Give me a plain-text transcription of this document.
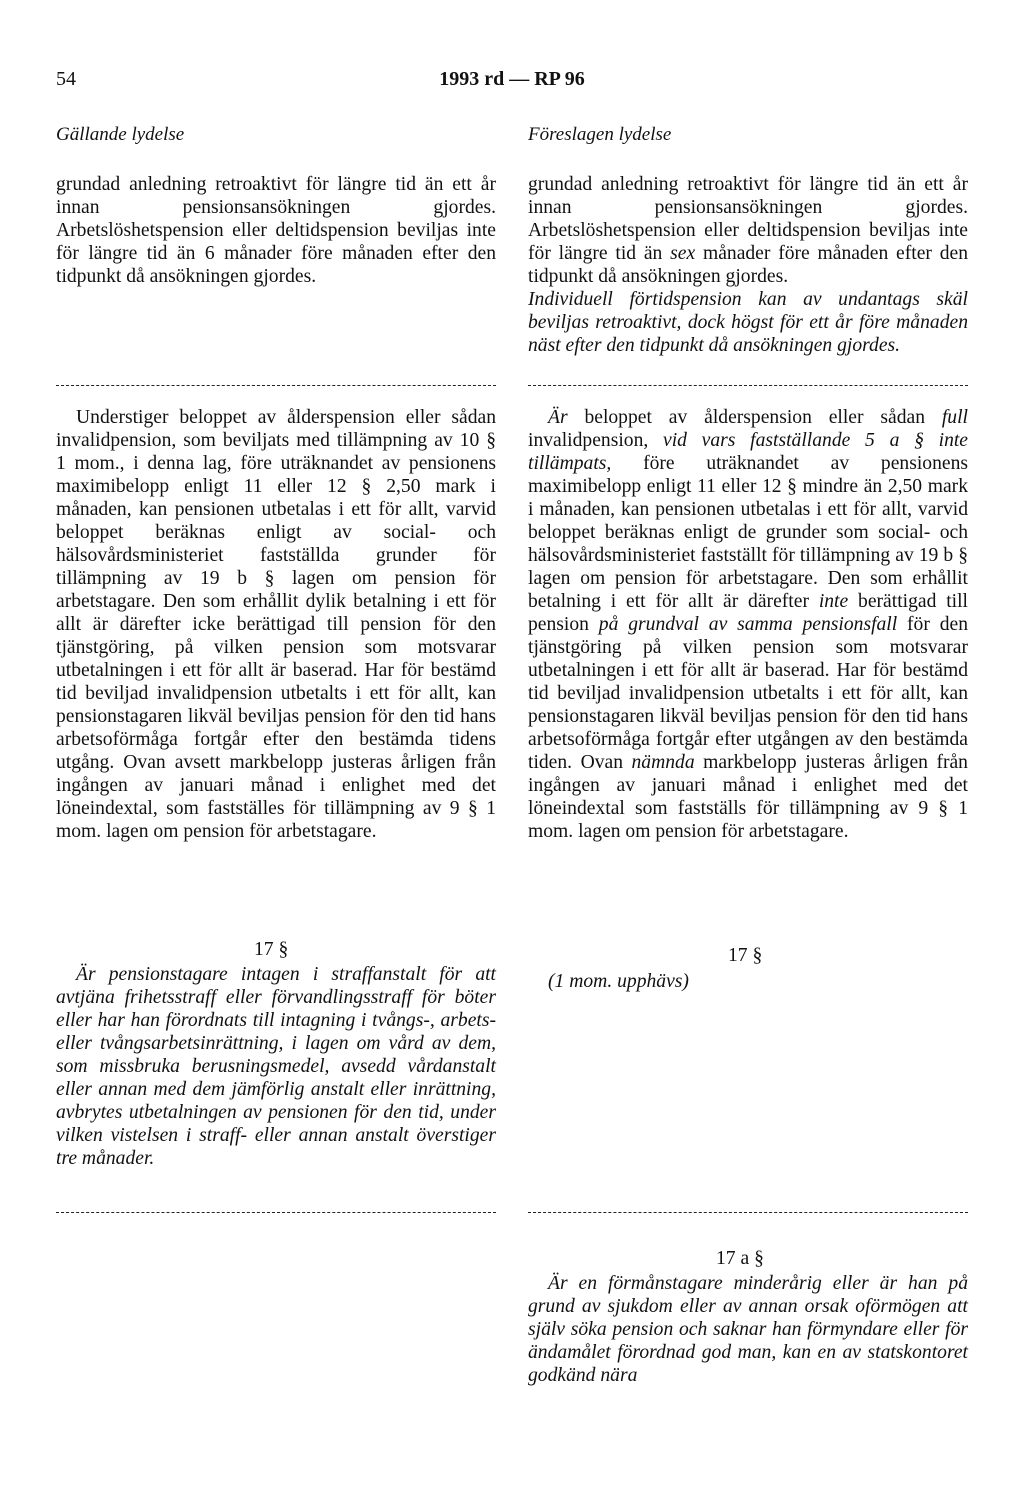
54	1993 rd — RP 96
Gällande lydelse	Föreslagen lydelse

grundad anledning retroaktivt för längre tid än ett år innan pensionsansökningen gjordes. Arbetslöshetspension eller deltidspension beviljas inte för längre tid än 6 månader före månaden efter den tidpunkt då ansökningen gjordes.

Understiger beloppet av ålderspension eller sådan invalidpension, som beviljats med tillämpning av 10 § 1 mom., i denna lag, före uträknandet av pensionens maximibelopp enligt 11 eller 12 § 2,50 mark i månaden, kan pensionen utbetalas i ett för allt, varvid beloppet beräknas enligt av social- och hälsovårdsministeriet fastställda grunder för tillämpning av 19 b § lagen om pension för arbetstagare. Den som erhållit dylik betalning i ett för allt är därefter icke berättigad till pension för den tjänstgöring, på vilken pension som motsvarar utbetalningen i ett för allt är baserad. Har för bestämd tid beviljad invalidpension utbetalts i ett för allt, kan pensionstagaren likväl beviljas pension för den tid hans arbetsoförmåga fortgår efter den bestämda tidens utgång. Ovan avsett markbelopp justeras årligen från ingången av januari månad i enlighet med det löneindextal, som fastställes för tillämpning av 9 § 1 mom. lagen om pension för arbetstagare.

17 §

Är pensionstagare intagen i straffanstalt för att avtjäna frihetsstraff eller förvandlingsstraff för böter eller har han förordnats till intagning i tvångs-, arbets- eller tvångsarbetsinrättning, i lagen om vård av dem, som missbruka berusningsmedel, avsedd vårdanstalt eller annan med dem jämförlig anstalt eller inrättning, avbrytes utbetalningen av pensionen för den tid, under vilken vistelsen i straff- eller annan anstalt överstiger tre månader.

grundad anledning retroaktivt för längre tid än ett år innan pensionsansökningen gjordes. Arbetslöshetspension eller deltidspension beviljas inte för längre tid än sex månader före månaden efter den tidpunkt då ansökningen gjordes.

Individuell förtidspension kan av undantags skäl beviljas retroaktivt, dock högst för ett år före månaden näst efter den tidpunkt då ansökningen gjordes.

Är beloppet av ålderspension eller sådan full invalidpension, vid vars fastställande 5 a § inte tillämpats, före uträknandet av pensionens maximibelopp enligt 11 eller 12 § mindre än 2,50 mark i månaden, kan pensionen utbetalas i ett för allt, varvid beloppet beräknas enligt de grunder som social- och hälsovårdsministeriet fastställt för tillämpning av 19 b § lagen om pension för arbetstagare. Den som erhållit betalning i ett för allt är därefter inte berättigad till pension på grundval av samma pensionsfall för den tjänstgöring på vilken pension som motsvarar utbetalningen i ett för allt är baserad. Har för bestämd tid beviljad invalidpension utbetalts i ett för allt, kan pensionstagaren likväl beviljas pension för den tid hans arbetsoförmåga fortgår efter utgången av den bestämda tiden. Ovan nämnda markbelopp justeras årligen från ingången av januari månad i enlighet med det löneindextal som fastställs för tillämpning av 9 § 1 mom. lagen om pension för arbetstagare.

17 §
(1 mom. upphävs)
17 a §

Är en förmånstagare minderårig eller är han på grund av sjukdom eller av annan orsak oförmögen att själv söka pension och saknar han förmyndare eller för ändamålet förordnad god man, kan en av statskontoret godkänd nära
